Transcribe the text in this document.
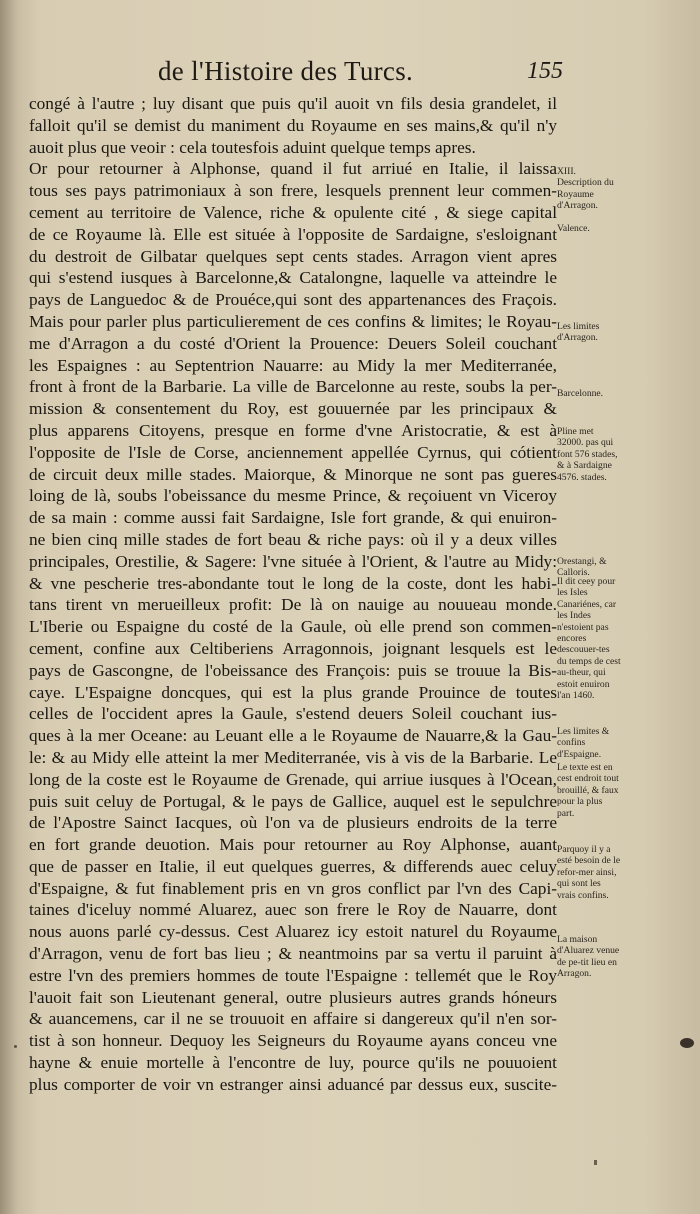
de l'Histoire des Turcs.	155
congé à l'autre ; luy disant que puis qu'il auoit vn fils desia grandelet, il
falloit qu'il se demist du maniment du Royaume en ses mains,& qu'il n'y
auoit plus que veoir : cela toutesfois aduint quelque temps apres.
Or pour retourner à Alphonse, quand il fut arriué en Italie, il laissa
tous ses pays patrimoniaux à son frere, lesquels prennent leur commen-
cement au territoire de Valence, riche & opulente cité , & siege capital
de ce Royaume là. Elle est située à l'opposite de Sardaigne, s'esloignant
du destroit de Gilbatar quelques sept cents stades. Arragon vient apres
qui s'estend iusques à Barcelonne,& Catalongne, laquelle va atteindre le
pays de Languedoc & de Prouéce,qui sont des appartenances des Fraçois.
Mais pour parler plus particulierement de ces confins & limites; le Royau-
me d'Arragon a du costé d'Orient la Prouence: Deuers Soleil couchant
les Espaignes : au Septentrion Nauarre: au Midy la mer Mediterranée,
front à front de la Barbarie. La ville de Barcelonne au reste, soubs la per-
mission & consentement du Roy, est gouuernée par les principaux &
plus apparens Citoyens, presque en forme d'vne Aristocratie, & est à
l'opposite de l'Isle de Corse, anciennement appellée Cyrnus, qui cótient
de circuit deux mille stades. Maiorque, & Minorque ne sont pas gueres
loing de là, soubs l'obeissance du mesme Prince, & reçoiuent vn Viceroy
de sa main : comme aussi fait Sardaigne, Isle fort grande, & qui enuiron-
ne bien cinq mille stades de fort beau & riche pays: où il y a deux villes
principales, Orestilie, & Sagere: l'vne située à l'Orient, & l'autre au Midy:
& vne pescherie tres-abondante tout le long de la coste, dont les habi-
tans tirent vn merueilleux profit: De là on nauige au nouueau monde.
L'Iberie ou Espaigne du costé de la Gaule, où elle prend son commen-
cement, confine aux Celtiberiens Arragonnois, joignant lesquels est le
pays de Gascongne, de l'obeissance des François: puis se trouue la Bis-
caye. L'Espaigne doncques, qui est la plus grande Prouince de toutes
celles de l'occident apres la Gaule, s'estend deuers Soleil couchant ius-
ques à la mer Oceane: au Leuant elle a le Royaume de Nauarre,& la Gau-
le: & au Midy elle atteint la mer Mediterranée, vis à vis de la Barbarie. Le
long de la coste est le Royaume de Grenade, qui arriue iusques à l'Ocean,
puis suit celuy de Portugal, & le pays de Gallice, auquel est le sepulchre
de l'Apostre Sainct Iacques, où l'on va de plusieurs endroits de la terre
en fort grande deuotion. Mais pour retourner au Roy Alphonse, auant
que de passer en Italie, il eut quelques guerres, & differends auec celuy
d'Espaigne, & fut finablement pris en vn gros conflict par l'vn des Capi-
taines d'iceluy nommé Aluarez, auec son frere le Roy de Nauarre, dont
nous auons parlé cy-dessus. Cest Aluarez icy estoit naturel du Royaume
d'Arragon, venu de fort bas lieu ; & neantmoins par sa vertu il paruint à
estre l'vn des premiers hommes de toute l'Espaigne : tellemét que le Roy
l'auoit fait son Lieutenant general, outre plusieurs autres grands hóneurs
& auancemens, car il ne se trouuoit en affaire si dangereux qu'il n'en sor-
tist à son honneur. Dequoy les Seigneurs du Royaume ayans conceu vne
hayne & enuie mortelle à l'encontre de luy, pource qu'ils ne pouuoient
plus comporter de voir vn estranger ainsi aduancé par dessus eux, suscite-
XIII.
Description du Royaume d'Arragon.
Valence.
Les limites d'Arragon.
Barcelonne.
Pline met 32000. pas qui font 576 stades, & à Sardaigne 4576. stades.
Orestangi, & Calloris.
Il dit ceey pour les Isles Canariénes, car les Indes n'estoient pas encores descouuer-tes du temps de cest au-theur, qui estoit enuiron l'an 1460.
Les limites & confins d'Espaigne.
Le texte est en cest endroit tout brouillé, & faux pour la plus part.
Parquoy il y a esté besoin de le refor-mer ainsi, qui sont les vrais confins.
La maison d'Aluarez venue de pe-tit lieu en Arragon.
